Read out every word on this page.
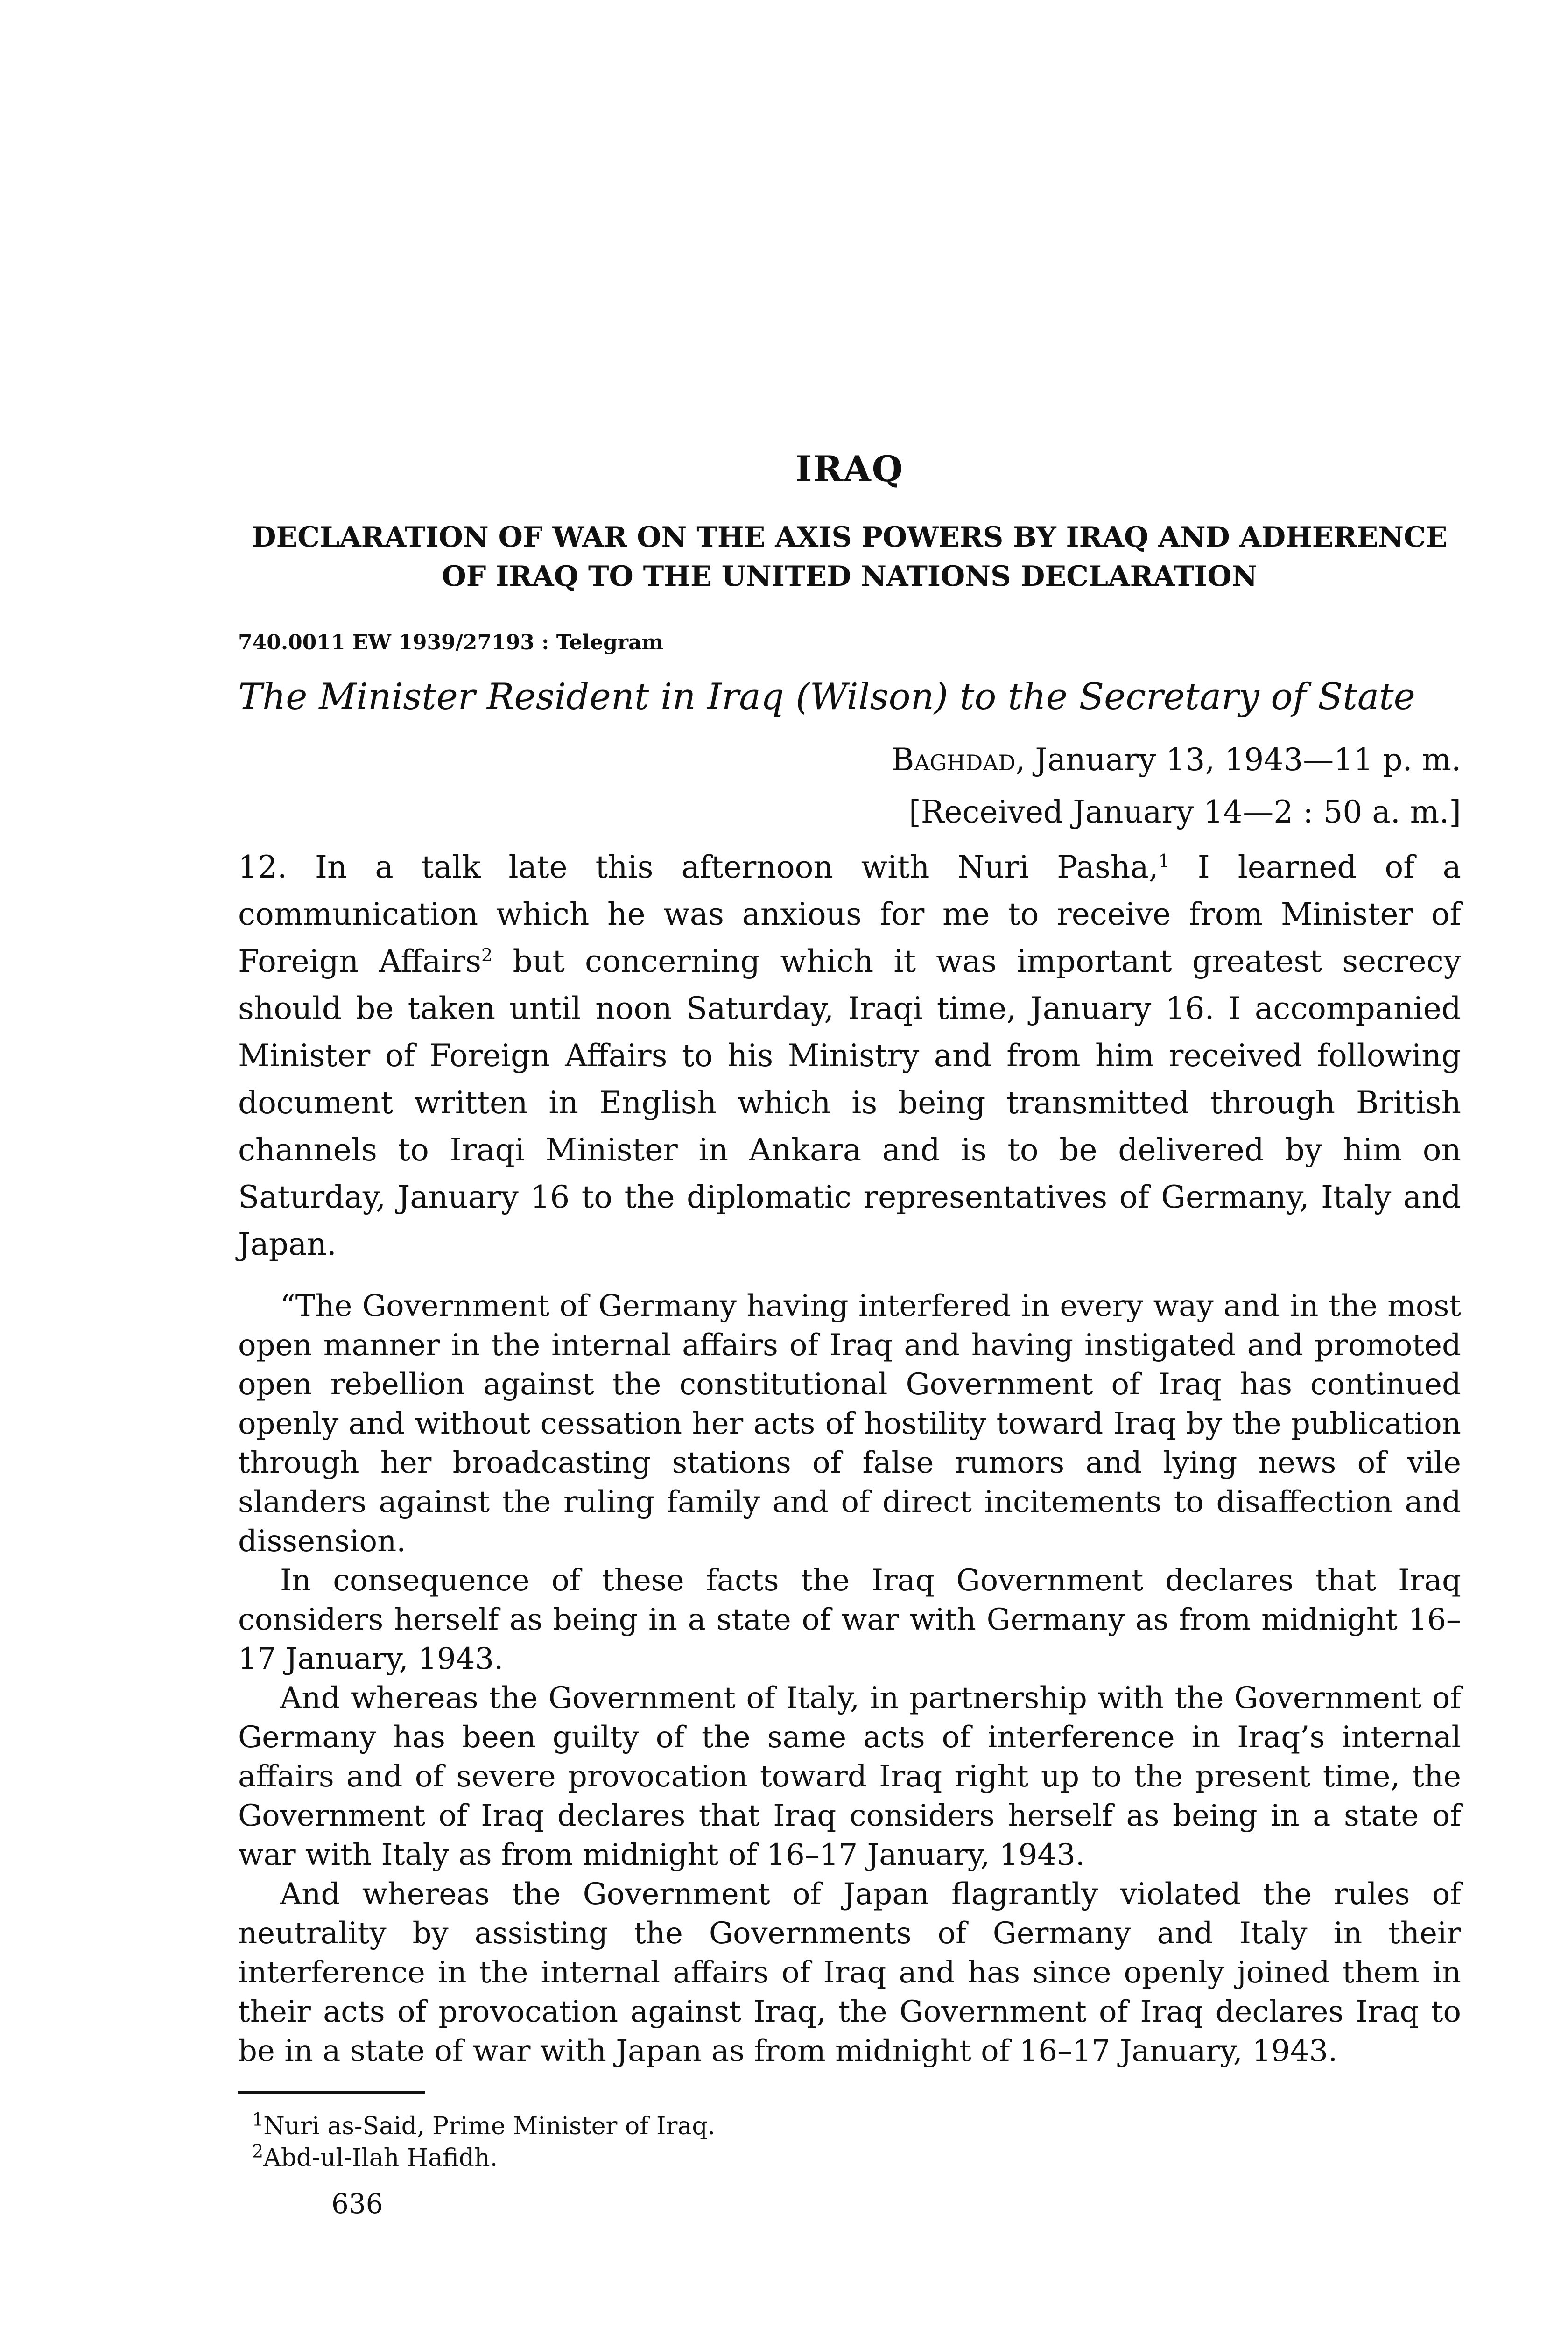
IRAQ
DECLARATION OF WAR ON THE AXIS POWERS BY IRAQ AND ADHERENCE OF IRAQ TO THE UNITED NATIONS DECLARATION
740.0011 EW 1939/27193 : Telegram
The Minister Resident in Iraq (Wilson) to the Secretary of State
Baghdad, January 13, 1943—11 p. m.
[Received January 14—2 : 50 a. m.]

12. In a talk late this afternoon with Nuri Pasha,$^1$ I learned of a communication which he was anxious for me to receive from Minister of Foreign Affairs$^2$ but concerning which it was important greatest secrecy should be taken until noon Saturday, Iraqi time, January 16. I accompanied Minister of Foreign Affairs to his Ministry and from him received following document written in English which is being transmitted through British channels to Iraqi Minister in Ankara and is to be delivered by him on Saturday, January 16 to the diplomatic representatives of Germany, Italy and Japan.

“The Government of Germany having interfered in every way and in the most open manner in the internal affairs of Iraq and having instigated and promoted open rebellion against the constitutional Government of Iraq has continued openly and without cessation her acts of hostility toward Iraq by the publication through her broadcasting stations of false rumors and lying news of vile slanders against the ruling family and of direct incitements to disaffection and dissension.

In consequence of these facts the Iraq Government declares that Iraq considers herself as being in a state of war with Germany as from midnight 16–17 January, 1943.

And whereas the Government of Italy, in partnership with the Government of Germany has been guilty of the same acts of interference in Iraq’s internal affairs and of severe provocation toward Iraq right up to the present time, the Government of Iraq declares that Iraq considers herself as being in a state of war with Italy as from midnight of 16–17 January, 1943.

And whereas the Government of Japan flagrantly violated the rules of neutrality by assisting the Governments of Germany and Italy in their interference in the internal affairs of Iraq and has since openly joined them in their acts of provocation against Iraq, the Government of Iraq declares Iraq to be in a state of war with Japan as from midnight of 16–17 January, 1943.

$^1$Nuri as-Said, Prime Minister of Iraq.
$^2$Abd-ul-Ilah Hafidh.
636
